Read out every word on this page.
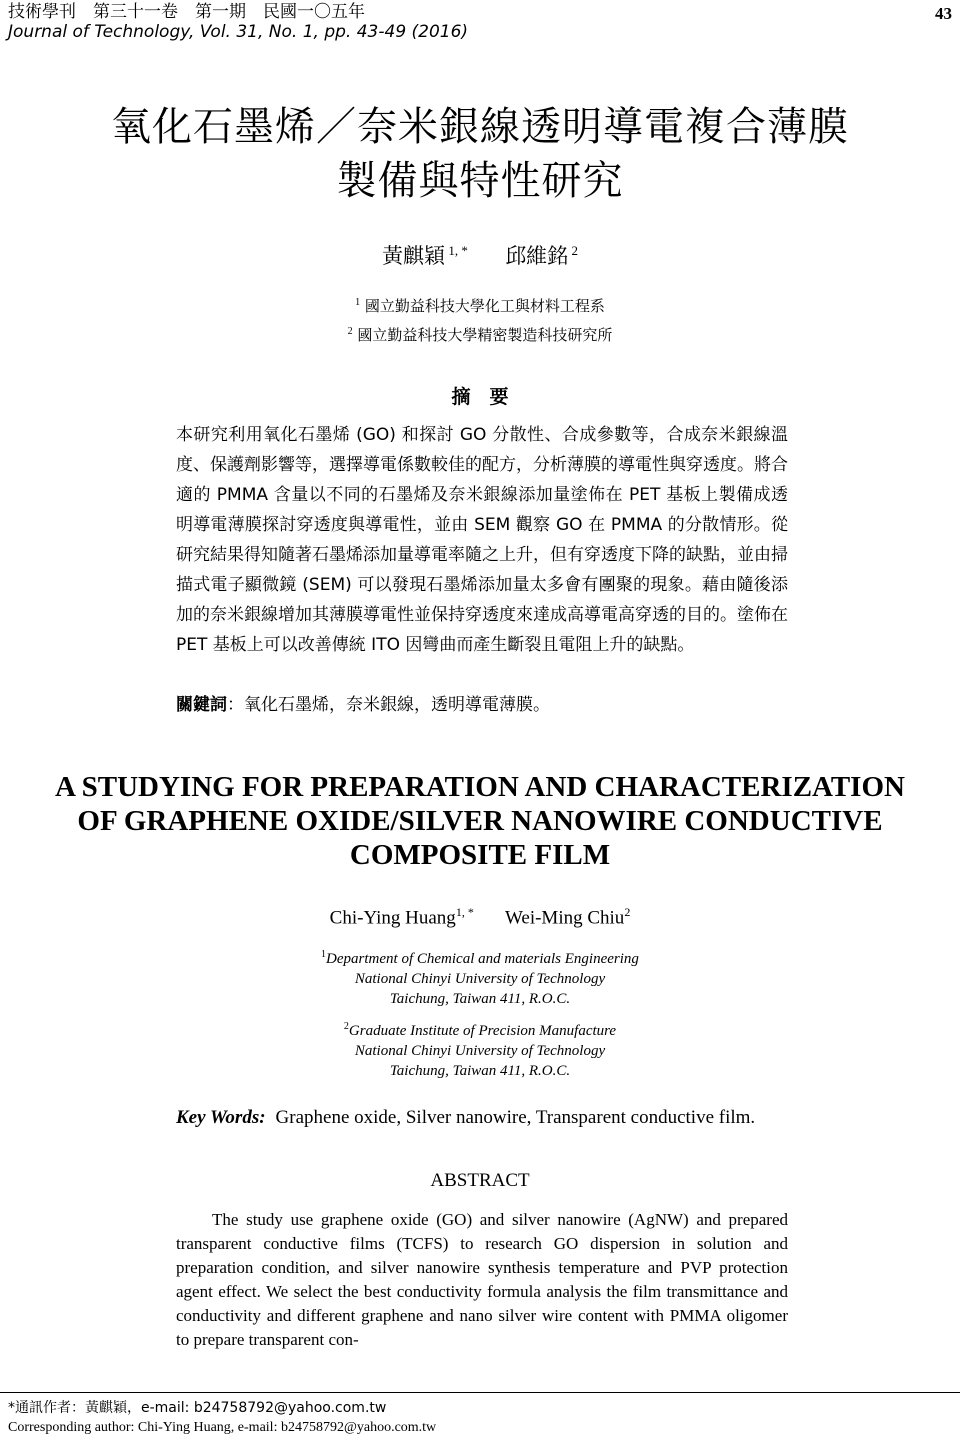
技術學刊　第三十一卷　第一期　民國一〇五年
Journal of Technology, Vol. 31, No. 1, pp. 43-49 (2016)
43
氧化石墨烯／奈米銀線透明導電複合薄膜
製備與特性研究
黃麒穎 $^{1, *}$ 邱維銘 $^2$
$^1$ 國立勤益科技大學化工與材料工程系
$^2$ 國立勤益科技大學精密製造科技研究所
摘　要
本研究利用氧化石墨烯 (GO) 和探討 GO 分散性、合成參數等，合成奈米銀線溫度、保護劑影響等，選擇導電係數較佳的配方，分析薄膜的導電性與穿透度。將合適的 PMMA 含量以不同的石墨烯及奈米銀線添加量塗佈在 PET 基板上製備成透明導電薄膜探討穿透度與導電性，並由 SEM 觀察 GO 在 PMMA 的分散情形。從研究結果得知隨著石墨烯添加量導電率隨之上升，但有穿透度下降的缺點，並由掃描式電子顯微鏡 (SEM) 可以發現石墨烯添加量太多會有團聚的現象。藉由隨後添加的奈米銀線增加其薄膜導電性並保持穿透度來達成高導電高穿透的目的。塗佈在 PET 基板上可以改善傳統 ITO 因彎曲而產生斷裂且電阻上升的缺點。
關鍵詞：氧化石墨烯，奈米銀線，透明導電薄膜。
A STUDYING FOR PREPARATION AND CHARACTERIZATION
OF GRAPHENE OXIDE/SILVER NANOWIRE CONDUCTIVE
COMPOSITE FILM
Chi-Ying Huang$^{1, *}$ Wei-Ming Chiu$^2$
$^1$Department of Chemical and materials Engineering
National Chinyi University of Technology
Taichung, Taiwan 411, R.O.C.
$^2$Graduate Institute of Precision Manufacture
National Chinyi University of Technology
Taichung, Taiwan 411, R.O.C.
Key Words: Graphene oxide, Silver nanowire, Transparent conductive film.
ABSTRACT
The study use graphene oxide (GO) and silver nanowire (AgNW) and prepared transparent conductive films (TCFS) to research GO dispersion in solution and preparation condition, and silver nanowire synthesis temperature and PVP protection agent effect. We select the best conductivity formula analysis the film transmittance and conductivity and different graphene and nano silver wire content with PMMA oligomer to prepare transparent con-
*通訊作者：黃麒穎，e-mail: b24758792@yahoo.com.tw
Corresponding author: Chi-Ying Huang, e-mail: b24758792@yahoo.com.tw
